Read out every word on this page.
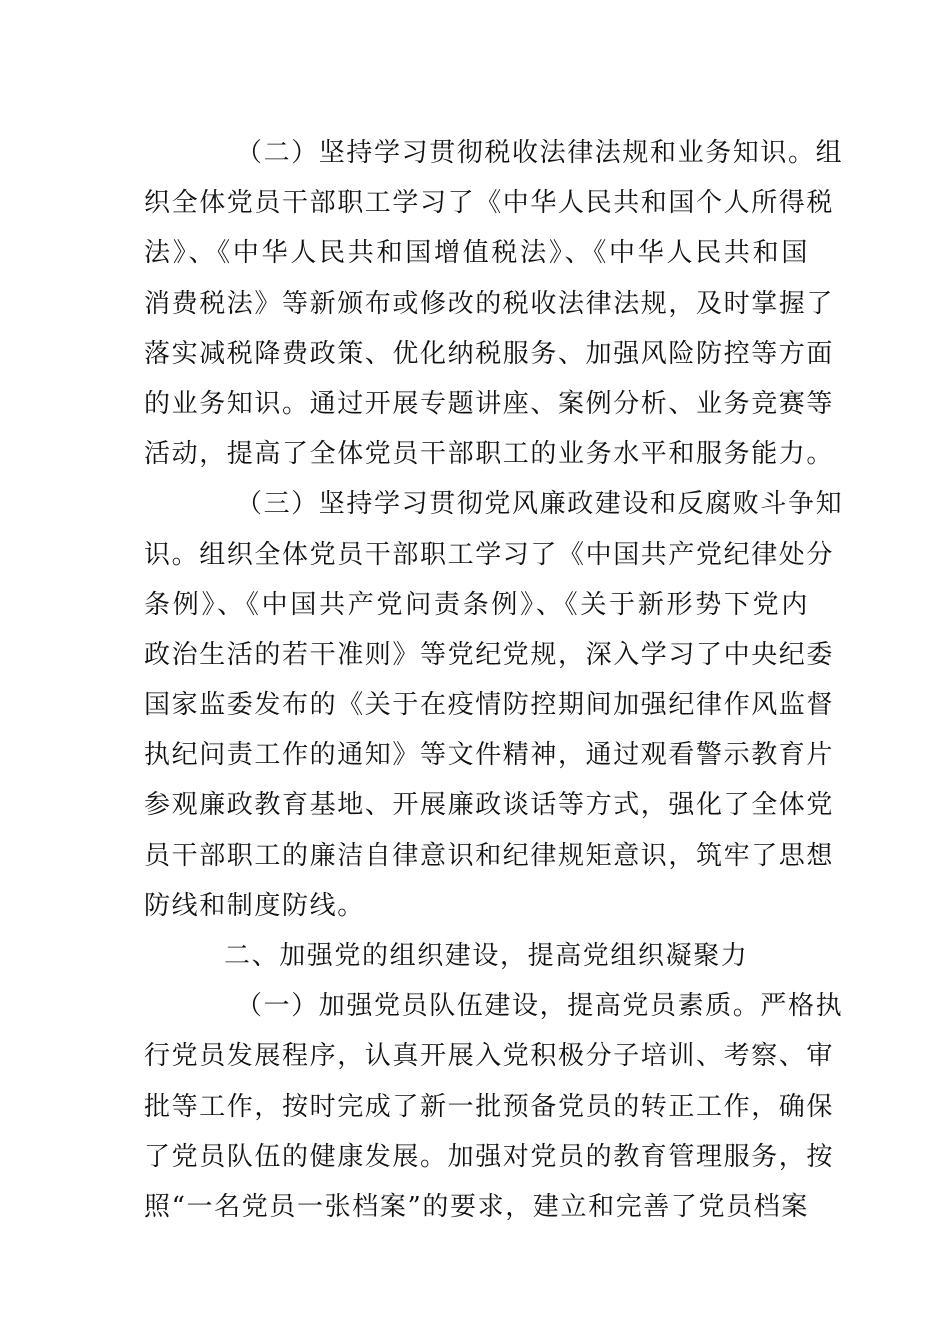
（二）坚持学习贯彻税收法律法规和业务知识。组
织全体党员干部职工学习了《中华人民共和国个人所得税
法》、《中华人民共和国增值税法》、《中华人民共和国
消费税法》等新颁布或修改的税收法律法规，及时掌握了
落实减税降费政策、优化纳税服务、加强风险防控等方面
的业务知识。通过开展专题讲座、案例分析、业务竞赛等
活动，提高了全体党员干部职工的业务水平和服务能力。
（三）坚持学习贯彻党风廉政建设和反腐败斗争知
识。组织全体党员干部职工学习了《中国共产党纪律处分
条例》、《中国共产党问责条例》、《关于新形势下党内
政治生活的若干准则》等党纪党规，深入学习了中央纪委
国家监委发布的《关于在疫情防控期间加强纪律作风监督
执纪问责工作的通知》等文件精神，通过观看警示教育片
参观廉政教育基地、开展廉政谈话等方式，强化了全体党
员干部职工的廉洁自律意识和纪律规矩意识，筑牢了思想
防线和制度防线。
二、加强党的组织建设，提高党组织凝聚力
（一）加强党员队伍建设，提高党员素质。严格执
行党员发展程序，认真开展入党积极分子培训、考察、审
批等工作，按时完成了新一批预备党员的转正工作，确保
了党员队伍的健康发展。加强对党员的教育管理服务，按
照“一名党员一张档案”的要求，建立和完善了党员档案
